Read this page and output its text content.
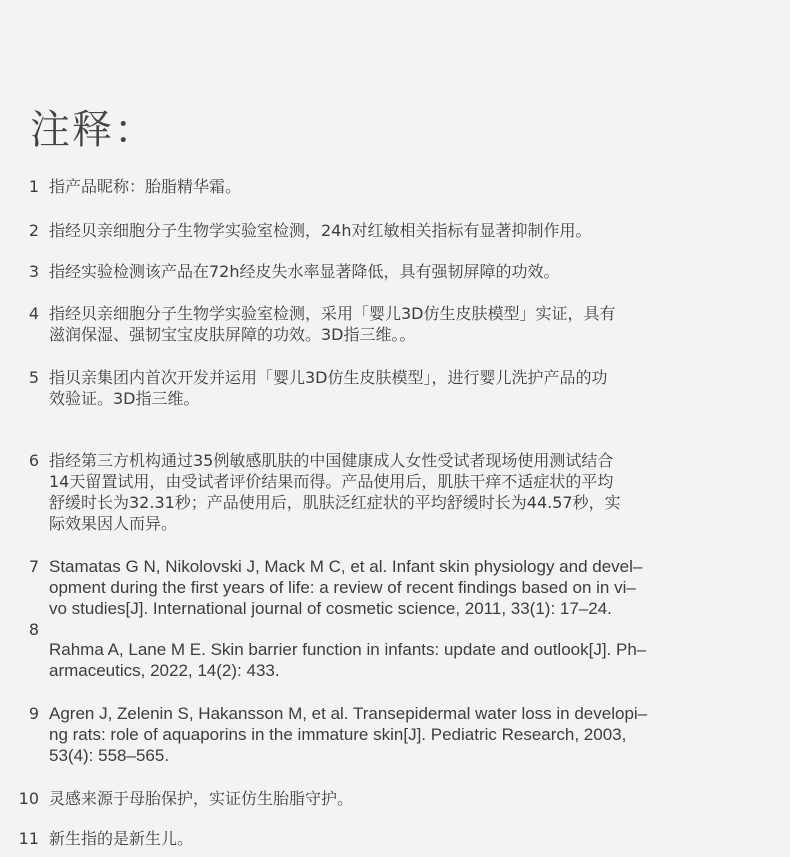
注释：
1 指产品昵称：胎脂精华霜。
2 指经贝亲细胞分子生物学实验室检测，24h对红敏相关指标有显著抑制作用。
3 指经实验检测该产品在72h经皮失水率显著降低，具有强韧屏障的功效。
4 指经贝亲细胞分子生物学实验室检测，采用「婴儿3D仿生皮肤模型」实证，具有
滋润保湿、强韧宝宝皮肤屏障的功效。3D指三维。。
5 指贝亲集团内首次开发并运用「婴儿3D仿生皮肤模型」，进行婴儿洗护产品的功
效验证。3D指三维。
6 指经第三方机构通过35例敏感肌肤的中国健康成人女性受试者现场使用测试结合
14天留置试用，由受试者评价结果而得。产品使用后，肌肤干痒不适症状的平均
舒缓时长为32.31秒；产品使用后，肌肤泛红症状的平均舒缓时长为44.57秒，实
际效果因人而异。
7 Stamatas G N, Nikolovski J, Mack M C, et al. Infant skin physiology and devel–
opment during the first years of life: a review of recent findings based on in vi–
vo studies[J]. International journal of cosmetic science, 2011, 33(1): 17–24.
8
Rahma A, Lane M E. Skin barrier function in infants: update and outlook[J]. Ph–
armaceutics, 2022, 14(2): 433.
9 Agren J, Zelenin S, Hakansson M, et al. Transepidermal water loss in developi–
ng rats: role of aquaporins in the immature skin[J]. Pediatric Research, 2003,
53(4): 558–565.
10 灵感来源于母胎保护，实证仿生胎脂守护。
11 新生指的是新生儿。
